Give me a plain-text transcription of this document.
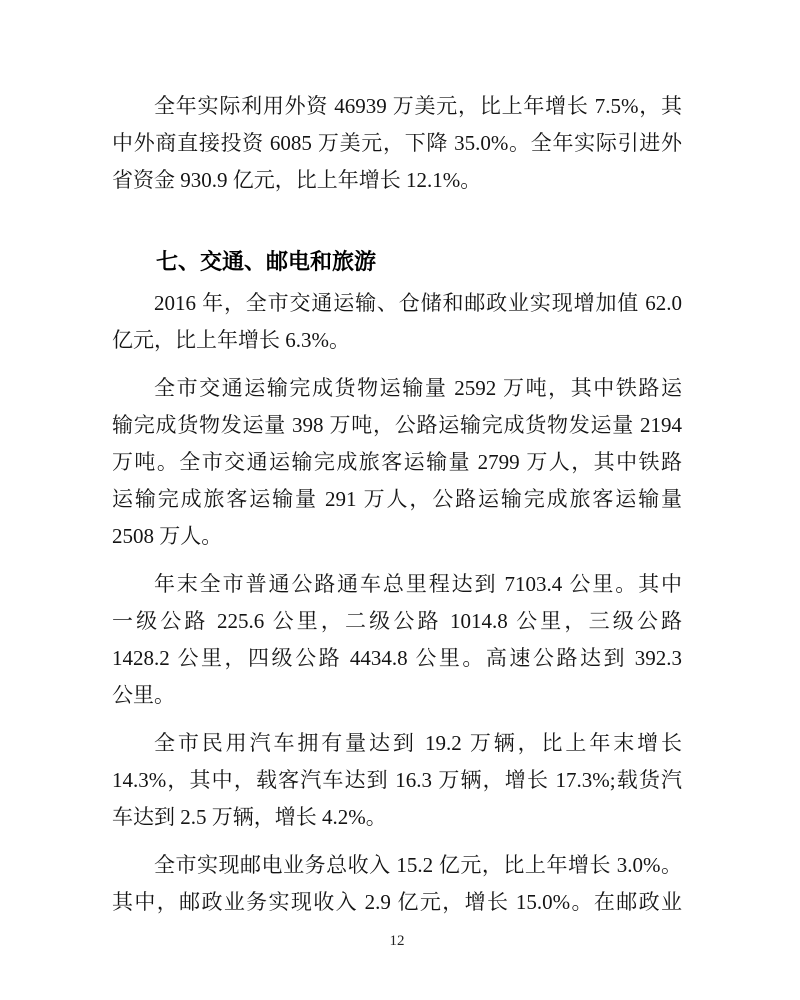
全年实际利用外资 46939 万美元，比上年增长 7.5%，其
中外商直接投资 6085 万美元，下降 35.0%。全年实际引进外
省资金 930.9 亿元，比上年增长 12.1%。
七、交通、邮电和旅游
2016 年，全市交通运输、仓储和邮政业实现增加值 62.0
亿元，比上年增长 6.3%。
全市交通运输完成货物运输量 2592 万吨，其中铁路运
输完成货物发运量 398 万吨，公路运输完成货物发运量 2194
万吨。全市交通运输完成旅客运输量 2799 万人，其中铁路
运输完成旅客运输量 291 万人，公路运输完成旅客运输量
2508 万人。
年末全市普通公路通车总里程达到 7103.4 公里。其中
一级公路 225.6 公里，二级公路 1014.8 公里，三级公路
1428.2 公里，四级公路 4434.8 公里。高速公路达到 392.3
公里。
全市民用汽车拥有量达到 19.2 万辆，比上年末增长
14.3%，其中，载客汽车达到 16.3 万辆，增长 17.3%;载货汽
车达到 2.5 万辆，增长 4.2%。
全市实现邮电业务总收入 15.2 亿元，比上年增长 3.0%。
其中，邮政业务实现收入 2.9 亿元，增长 15.0%。在邮政业
12
